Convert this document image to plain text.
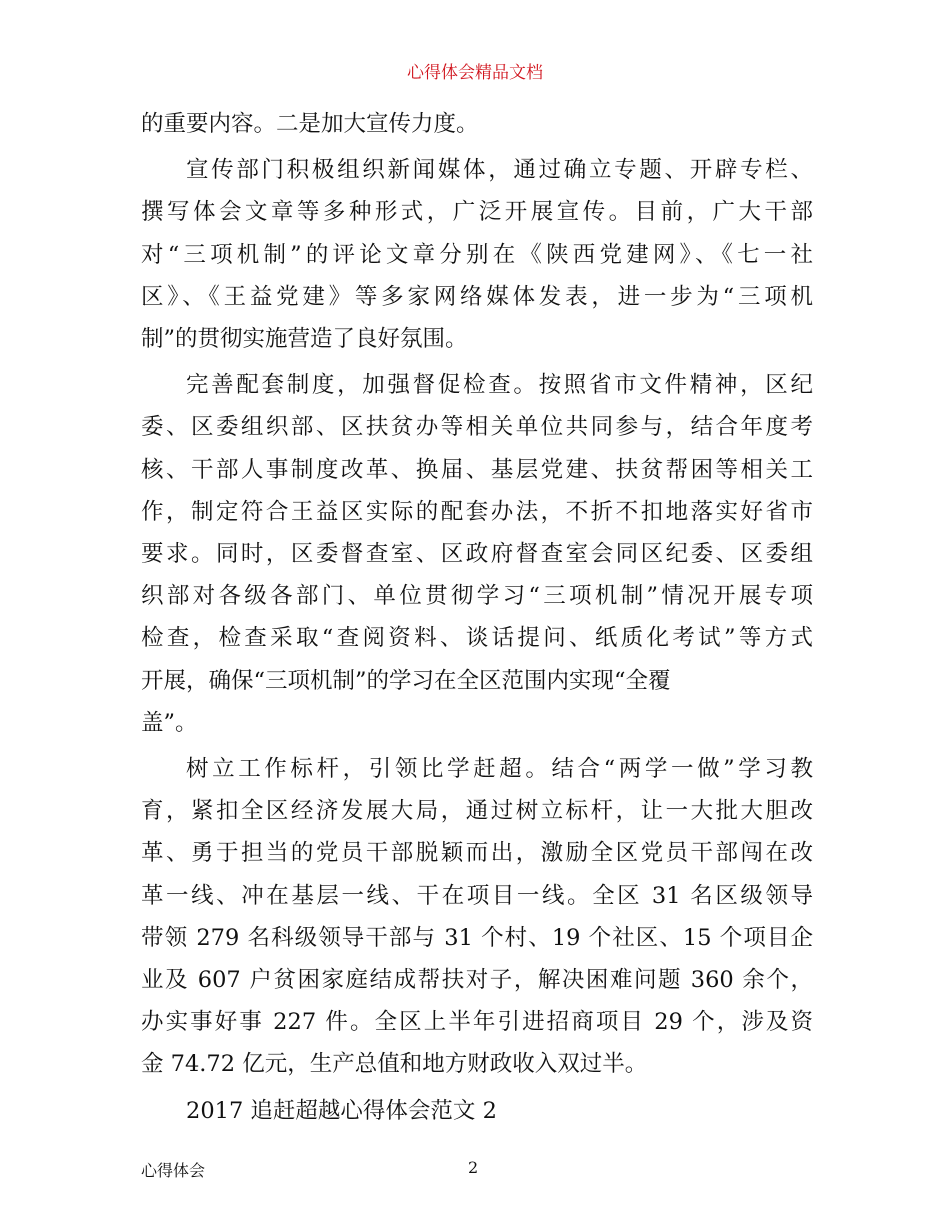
心得体会精品文档
的重要内容。二是加大宣传力度。
宣传部门积极组织新闻媒体，通过确立专题、开辟专栏、
撰写体会文章等多种形式，广泛开展宣传。目前，广大干部
对“三项机制”的评论文章分别在《陕西党建网》、《七一社
区》、《王益党建》等多家网络媒体发表，进一步为“三项机
制”的贯彻实施营造了良好氛围。
完善配套制度，加强督促检查。按照省市文件精神，区纪
委、区委组织部、区扶贫办等相关单位共同参与，结合年度考
核、干部人事制度改革、换届、基层党建、扶贫帮困等相关工
作，制定符合王益区实际的配套办法，不折不扣地落实好省市
要求。同时，区委督查室、区政府督查室会同区纪委、区委组
织部对各级各部门、单位贯彻学习“三项机制”情况开展专项
检查，检查采取“查阅资料、谈话提问、纸质化考试”等方式
开展，确保“三项机制”的学习在全区范围内实现“全覆
盖”。
树立工作标杆，引领比学赶超。结合“两学一做”学习教
育，紧扣全区经济发展大局，通过树立标杆，让一大批大胆改
革、勇于担当的党员干部脱颖而出，激励全区党员干部闯在改
革一线、冲在基层一线、干在项目一线。全区 31 名区级领导
带领 279 名科级领导干部与 31 个村、19 个社区、15 个项目企
业及 607 户贫困家庭结成帮扶对子，解决困难问题 360 余个，
办实事好事 227 件。全区上半年引进招商项目 29 个，涉及资
金 74.72 亿元，生产总值和地方财政收入双过半。
2017 追赶超越心得体会范文 2
心得体会	2
